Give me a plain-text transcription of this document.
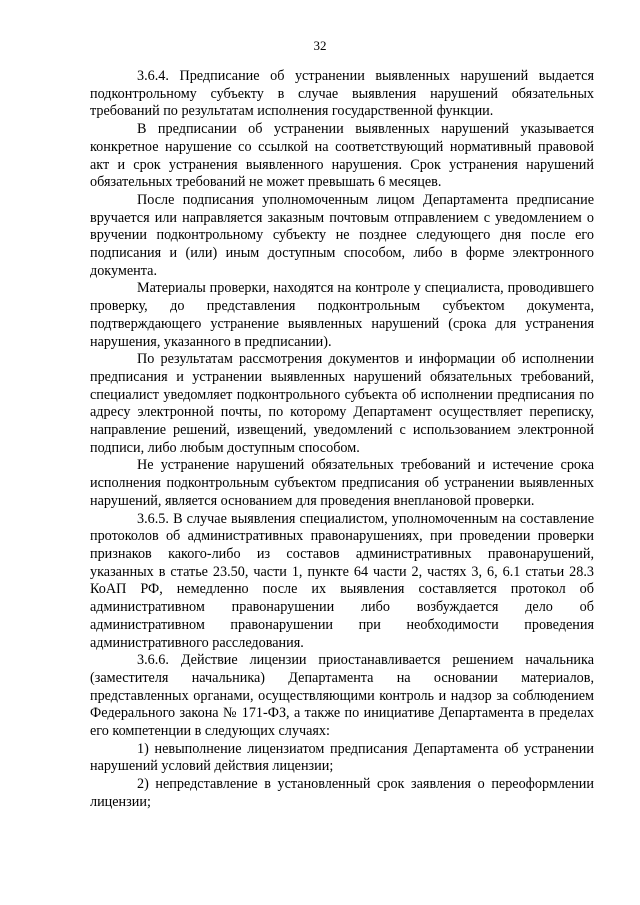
32

3.6.4. Предписание об устранении выявленных нарушений выдается подконтрольному субъекту в случае выявления нарушений обязательных требований по результатам исполнения государственной функции.

В предписании об устранении выявленных нарушений указывается конкретное нарушение со ссылкой на соответствующий нормативный правовой акт и срок устранения выявленного нарушения. Срок устранения нарушений обязательных требований не может превышать 6 месяцев.

После подписания уполномоченным лицом Департамента предписание вручается или направляется заказным почтовым отправлением с уведомлением о вручении подконтрольному субъекту не позднее следующего дня после его подписания и (или) иным доступным способом, либо в форме электронного документа.

Материалы проверки, находятся на контроле у специалиста, проводившего проверку, до представления подконтрольным субъектом документа, подтверждающего устранение выявленных нарушений (срока для устранения нарушения, указанного в предписании).

По результатам рассмотрения документов и информации об исполнении предписания и устранении выявленных нарушений обязательных требований, специалист уведомляет подконтрольного субъекта об исполнении предписания по адресу электронной почты, по которому Департамент осуществляет переписку, направление решений, извещений, уведомлений с использованием электронной подписи, либо любым доступным способом.

Не устранение нарушений обязательных требований и истечение срока исполнения подконтрольным субъектом предписания об устранении выявленных нарушений, является основанием для проведения внеплановой проверки.

3.6.5. В случае выявления специалистом, уполномоченным на составление протоколов об административных правонарушениях, при проведении проверки признаков какого-либо из составов административных правонарушений, указанных в статье 23.50, части 1, пункте 64 части 2, частях 3, 6, 6.1 статьи 28.3 КоАП РФ, немедленно после их выявления составляется протокол об административном правонарушении либо возбуждается дело об административном правонарушении при необходимости проведения административного расследования.

3.6.6. Действие лицензии приостанавливается решением начальника (заместителя начальника) Департамента на основании материалов, представленных органами, осуществляющими контроль и надзор за соблюдением Федерального закона № 171-ФЗ, а также по инициативе Департамента в пределах его компетенции в следующих случаях:

1) невыполнение лицензиатом предписания Департамента об устранении нарушений условий действия лицензии;

2) непредставление в установленный срок заявления о переоформлении лицензии;
